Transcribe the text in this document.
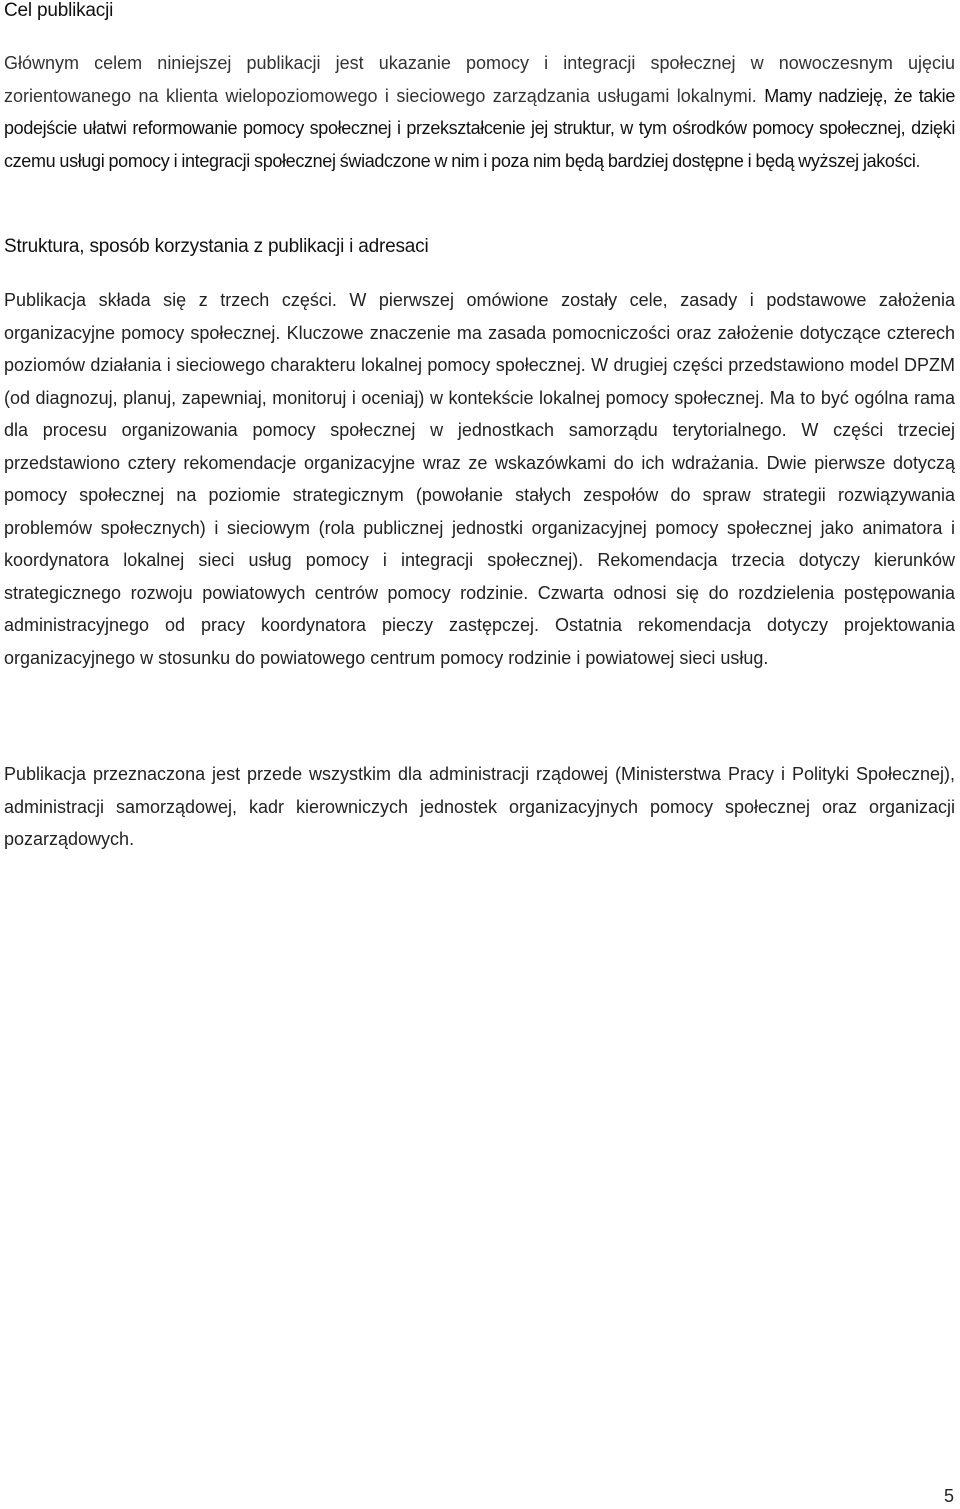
Cel publikacji

Głównym celem niniejszej publikacji jest ukazanie pomocy i integracji społecznej w nowoczesnym ujęciu zorientowanego na klienta wielopoziomowego i sieciowego zarządzania usługami lokalnymi. Mamy nadzieję, że takie podejście ułatwi reformowanie pomocy społecznej i przekształcenie jej struktur, w tym ośrodków pomocy społecznej, dzięki czemu usługi pomocy i integracji społecznej świadczone w nim i poza nim będą bardziej dostępne i będą wyższej jakości.

Struktura, sposób korzystania z publikacji i adresaci

Publikacja składa się z trzech części. W pierwszej omówione zostały cele, zasady i podstawowe założenia organizacyjne pomocy społecznej. Kluczowe znaczenie ma zasada pomocniczości oraz założenie dotyczące czterech poziomów działania i sieciowego charakteru lokalnej pomocy społecznej. W drugiej części przedstawiono model DPZM (od diagnozuj, planuj, zapewniaj, monitoruj i oceniaj) w kontekście lokalnej pomocy społecznej. Ma to być ogólna rama dla procesu organizowania pomocy społecznej w jednostkach samorządu terytorialnego. W części trzeciej przedstawiono cztery rekomendacje organizacyjne wraz ze wskazówkami do ich wdrażania. Dwie pierwsze dotyczą pomocy społecznej na poziomie strategicznym (powołanie stałych zespołów do spraw strategii rozwiązywania problemów społecznych) i sieciowym (rola publicznej jednostki organizacyjnej pomocy społecznej jako animatora i koordynatora lokalnej sieci usług pomocy i integracji społecznej). Rekomendacja trzecia dotyczy kierunków strategicznego rozwoju powiatowych centrów pomocy rodzinie. Czwarta odnosi się do rozdzielenia postępowania administracyjnego od pracy koordynatora pieczy zastępczej. Ostatnia rekomendacja dotyczy projektowania organizacyjnego w stosunku do powiatowego centrum pomocy rodzinie i powiatowej sieci usług.

Publikacja przeznaczona jest przede wszystkim dla administracji rządowej (Ministerstwa Pracy i Polityki Społecznej), administracji samorządowej, kadr kierowniczych jednostek organizacyjnych pomocy społecznej oraz organizacji pozarządowych.

5
